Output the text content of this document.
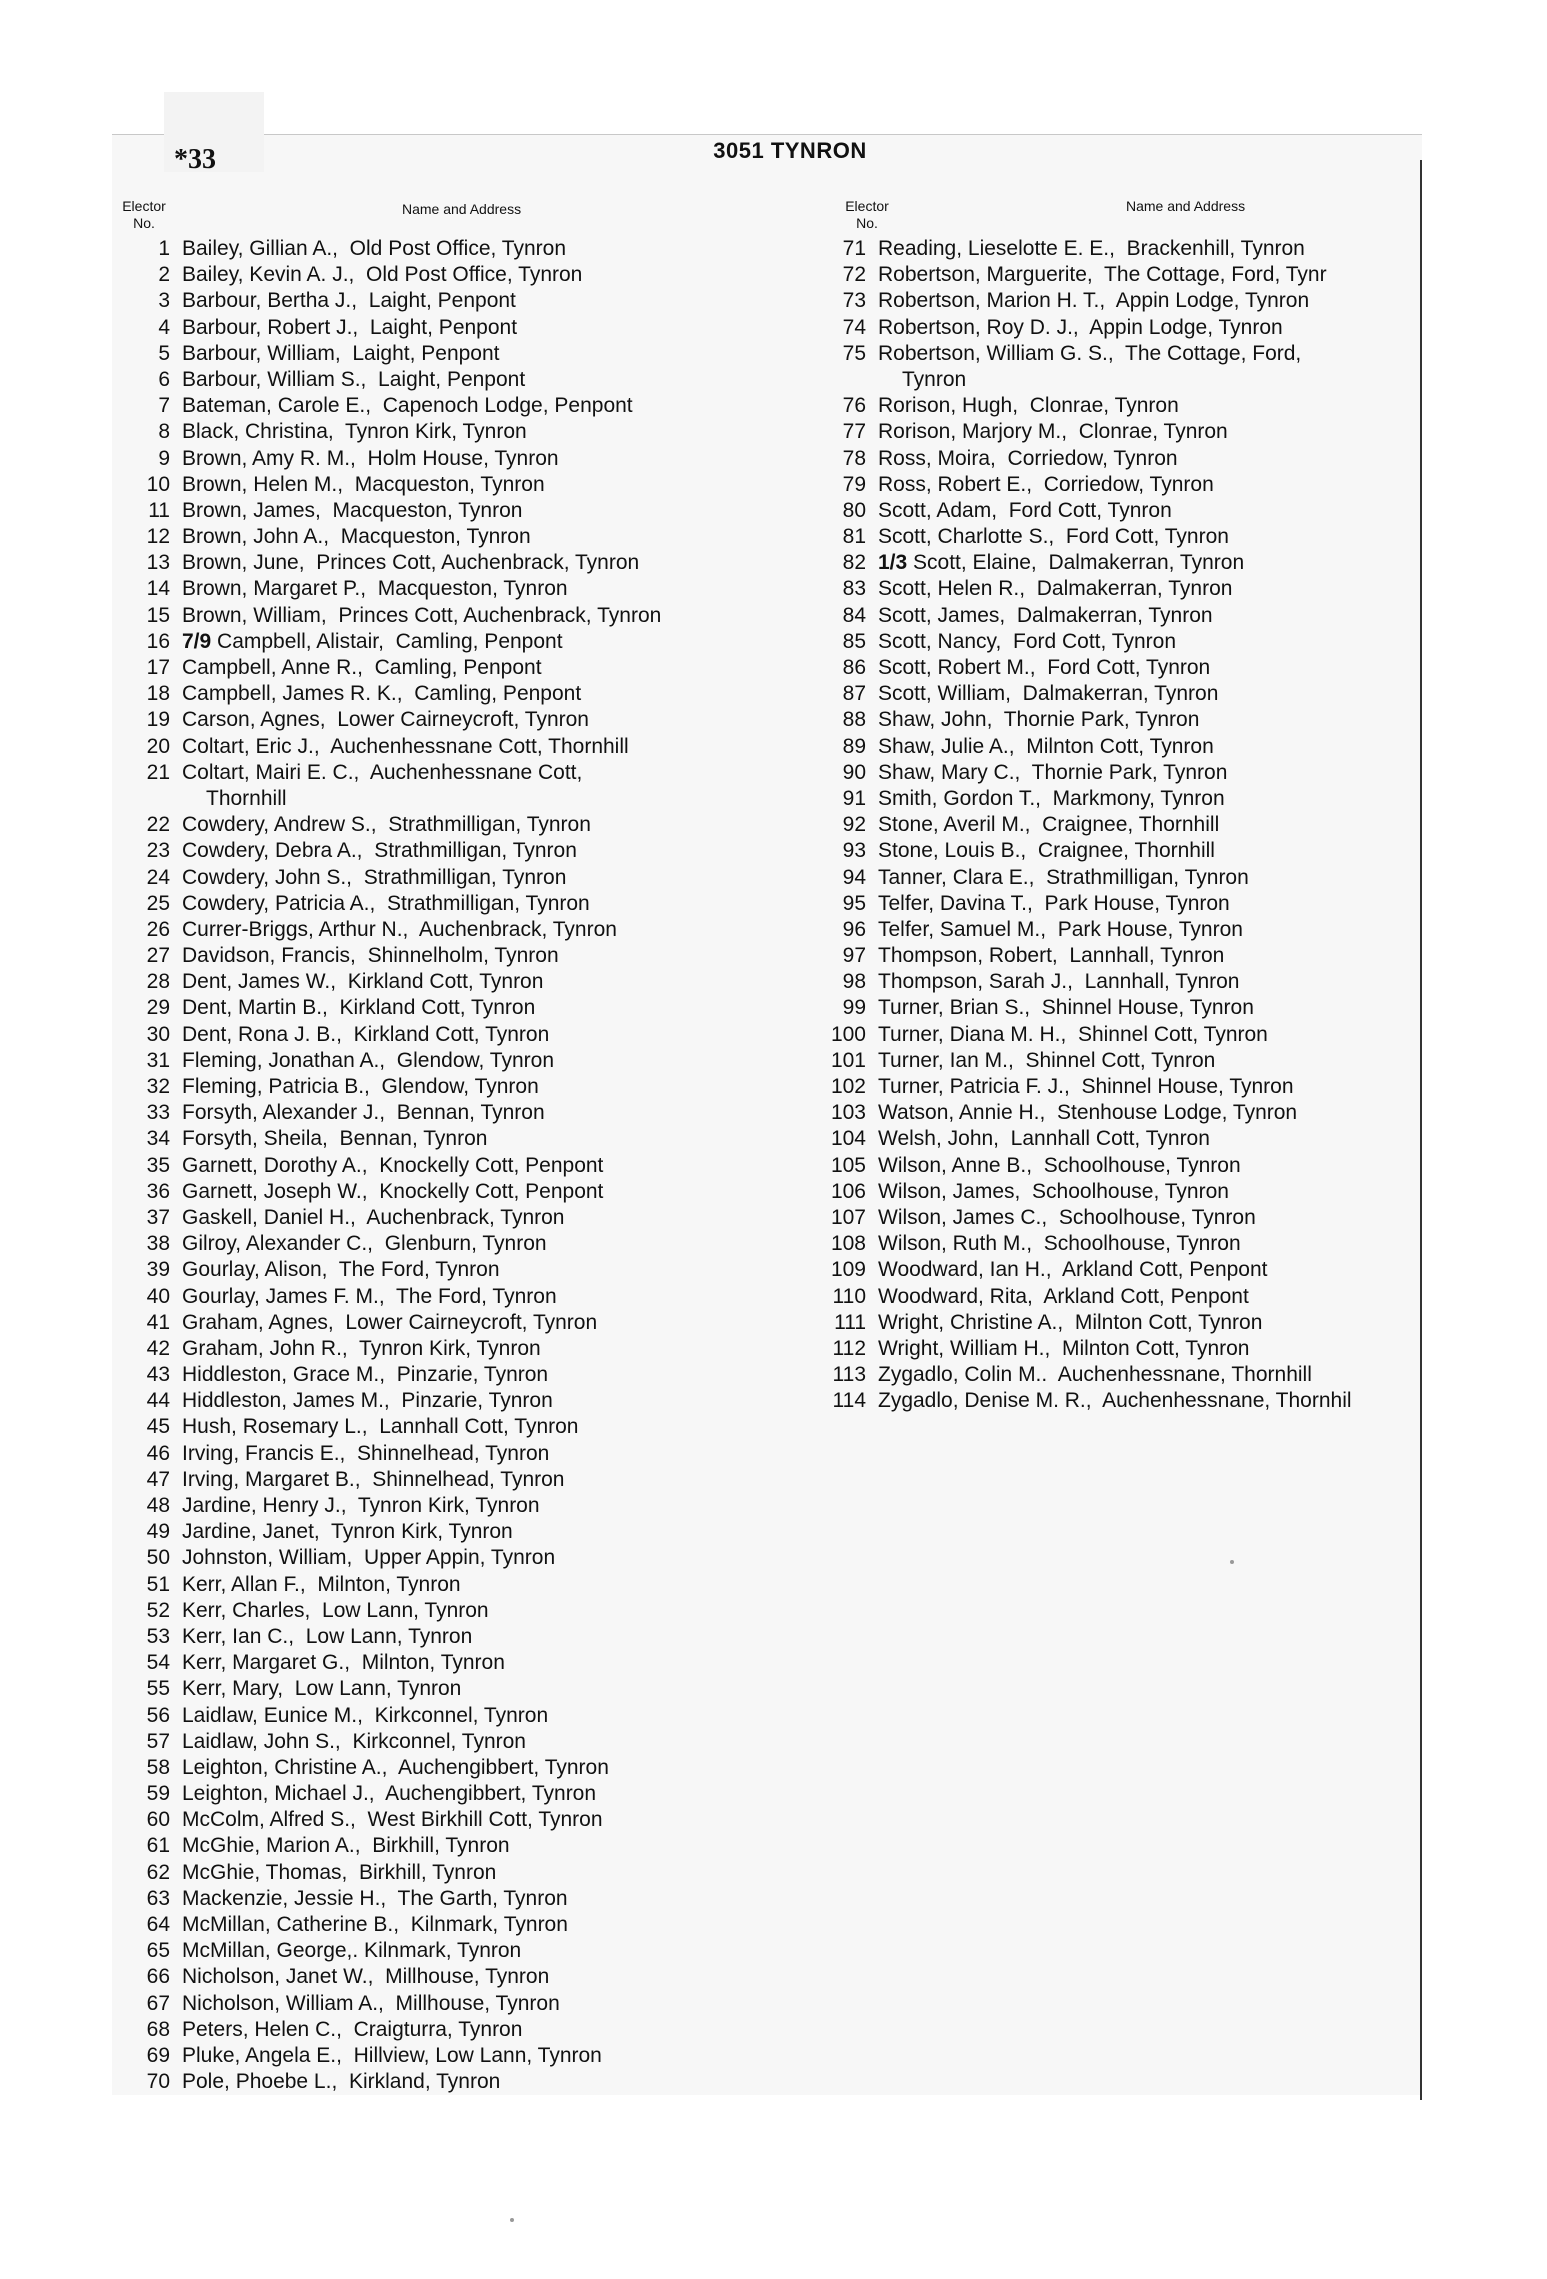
*33	3051 TYNRON
Elector
No.
Name and Address	Elector
No.
Name and Address
1 Bailey, Gillian A.,  Old Post Office, Tynron
2 Bailey, Kevin A. J.,  Old Post Office, Tynron
3 Barbour, Bertha J.,  Laight, Penpont
4 Barbour, Robert J.,  Laight, Penpont
5 Barbour, William,  Laight, Penpont
6 Barbour, William S.,  Laight, Penpont
7 Bateman, Carole E.,  Capenoch Lodge, Penpont
8 Black, Christina,  Tynron Kirk, Tynron
9 Brown, Amy R. M.,  Holm House, Tynron
10 Brown, Helen M.,  Macqueston, Tynron
11 Brown, James,  Macqueston, Tynron
12 Brown, John A.,  Macqueston, Tynron
13 Brown, June,  Princes Cott, Auchenbrack, Tynron
14 Brown, Margaret P.,  Macqueston, Tynron
15 Brown, William,  Princes Cott, Auchenbrack, Tynron
16 7/9 Campbell, Alistair,  Camling, Penpont
17 Campbell, Anne R.,  Camling, Penpont
18 Campbell, James R. K.,  Camling, Penpont
19 Carson, Agnes,  Lower Cairneycroft, Tynron
20 Coltart, Eric J.,  Auchenhessnane Cott, Thornhill
21 Coltart, Mairi E. C.,  Auchenhessnane Cott,
Thornhill
22 Cowdery, Andrew S.,  Strathmilligan, Tynron
23 Cowdery, Debra A.,  Strathmilligan, Tynron
24 Cowdery, John S.,  Strathmilligan, Tynron
25 Cowdery, Patricia A.,  Strathmilligan, Tynron
26 Currer-Briggs, Arthur N.,  Auchenbrack, Tynron
27 Davidson, Francis,  Shinnelholm, Tynron
28 Dent, James W.,  Kirkland Cott, Tynron
29 Dent, Martin B.,  Kirkland Cott, Tynron
30 Dent, Rona J. B.,  Kirkland Cott, Tynron
31 Fleming, Jonathan A.,  Glendow, Tynron
32 Fleming, Patricia B.,  Glendow, Tynron
33 Forsyth, Alexander J.,  Bennan, Tynron
34 Forsyth, Sheila,  Bennan, Tynron
35 Garnett, Dorothy A.,  Knockelly Cott, Penpont
36 Garnett, Joseph W.,  Knockelly Cott, Penpont
37 Gaskell, Daniel H.,  Auchenbrack, Tynron
38 Gilroy, Alexander C.,  Glenburn, Tynron
39 Gourlay, Alison,  The Ford, Tynron
40 Gourlay, James F. M.,  The Ford, Tynron
41 Graham, Agnes,  Lower Cairneycroft, Tynron
42 Graham, John R.,  Tynron Kirk, Tynron
43 Hiddleston, Grace M.,  Pinzarie, Tynron
44 Hiddleston, James M.,  Pinzarie, Tynron
45 Hush, Rosemary L.,  Lannhall Cott, Tynron
46 Irving, Francis E.,  Shinnelhead, Tynron
47 Irving, Margaret B.,  Shinnelhead, Tynron
48 Jardine, Henry J.,  Tynron Kirk, Tynron
49 Jardine, Janet,  Tynron Kirk, Tynron
50 Johnston, William,  Upper Appin, Tynron
51 Kerr, Allan F.,  Milnton, Tynron
52 Kerr, Charles,  Low Lann, Tynron
53 Kerr, Ian C.,  Low Lann, Tynron
54 Kerr, Margaret G.,  Milnton, Tynron
55 Kerr, Mary,  Low Lann, Tynron
56 Laidlaw, Eunice M.,  Kirkconnel, Tynron
57 Laidlaw, John S.,  Kirkconnel, Tynron
58 Leighton, Christine A.,  Auchengibbert, Tynron
59 Leighton, Michael J.,  Auchengibbert, Tynron
60 McColm, Alfred S.,  West Birkhill Cott, Tynron
61 McGhie, Marion A.,  Birkhill, Tynron
62 McGhie, Thomas,  Birkhill, Tynron
63 Mackenzie, Jessie H.,  The Garth, Tynron
64 McMillan, Catherine B.,  Kilnmark, Tynron
65 McMillan, George,. Kilnmark, Tynron
66 Nicholson, Janet W.,  Millhouse, Tynron
67 Nicholson, William A.,  Millhouse, Tynron
68 Peters, Helen C.,  Craigturra, Tynron
69 Pluke, Angela E.,  Hillview, Low Lann, Tynron
70 Pole, Phoebe L.,  Kirkland, Tynron
71 Reading, Lieselotte E. E.,  Brackenhill, Tynron
72 Robertson, Marguerite,  The Cottage, Ford, Tynr
73 Robertson, Marion H. T.,  Appin Lodge, Tynron
74 Robertson, Roy D. J.,  Appin Lodge, Tynron
75 Robertson, William G. S.,  The Cottage, Ford,
Tynron
76 Rorison, Hugh,  Clonrae, Tynron
77 Rorison, Marjory M.,  Clonrae, Tynron
78 Ross, Moira,  Corriedow, Tynron
79 Ross, Robert E.,  Corriedow, Tynron
80 Scott, Adam,  Ford Cott, Tynron
81 Scott, Charlotte S.,  Ford Cott, Tynron
82 1/3 Scott, Elaine,  Dalmakerran, Tynron
83 Scott, Helen R.,  Dalmakerran, Tynron
84 Scott, James,  Dalmakerran, Tynron
85 Scott, Nancy,  Ford Cott, Tynron
86 Scott, Robert M.,  Ford Cott, Tynron
87 Scott, William,  Dalmakerran, Tynron
88 Shaw, John,  Thornie Park, Tynron
89 Shaw, Julie A.,  Milnton Cott, Tynron
90 Shaw, Mary C.,  Thornie Park, Tynron
91 Smith, Gordon T.,  Markmony, Tynron
92 Stone, Averil M.,  Craignee, Thornhill
93 Stone, Louis B.,  Craignee, Thornhill
94 Tanner, Clara E.,  Strathmilligan, Tynron
95 Telfer, Davina T.,  Park House, Tynron
96 Telfer, Samuel M.,  Park House, Tynron
97 Thompson, Robert,  Lannhall, Tynron
98 Thompson, Sarah J.,  Lannhall, Tynron
99 Turner, Brian S.,  Shinnel House, Tynron
100 Turner, Diana M. H.,  Shinnel Cott, Tynron
101 Turner, Ian M.,  Shinnel Cott, Tynron
102 Turner, Patricia F. J.,  Shinnel House, Tynron
103 Watson, Annie H.,  Stenhouse Lodge, Tynron
104 Welsh, John,  Lannhall Cott, Tynron
105 Wilson, Anne B.,  Schoolhouse, Tynron
106 Wilson, James,  Schoolhouse, Tynron
107 Wilson, James C.,  Schoolhouse, Tynron
108 Wilson, Ruth M.,  Schoolhouse, Tynron
109 Woodward, Ian H.,  Arkland Cott, Penpont
110 Woodward, Rita,  Arkland Cott, Penpont
111 Wright, Christine A.,  Milnton Cott, Tynron
112 Wright, William H.,  Milnton Cott, Tynron
113 Zygadlo, Colin M..  Auchenhessnane, Thornhill
114 Zygadlo, Denise M. R.,  Auchenhessnane, Thornhil
